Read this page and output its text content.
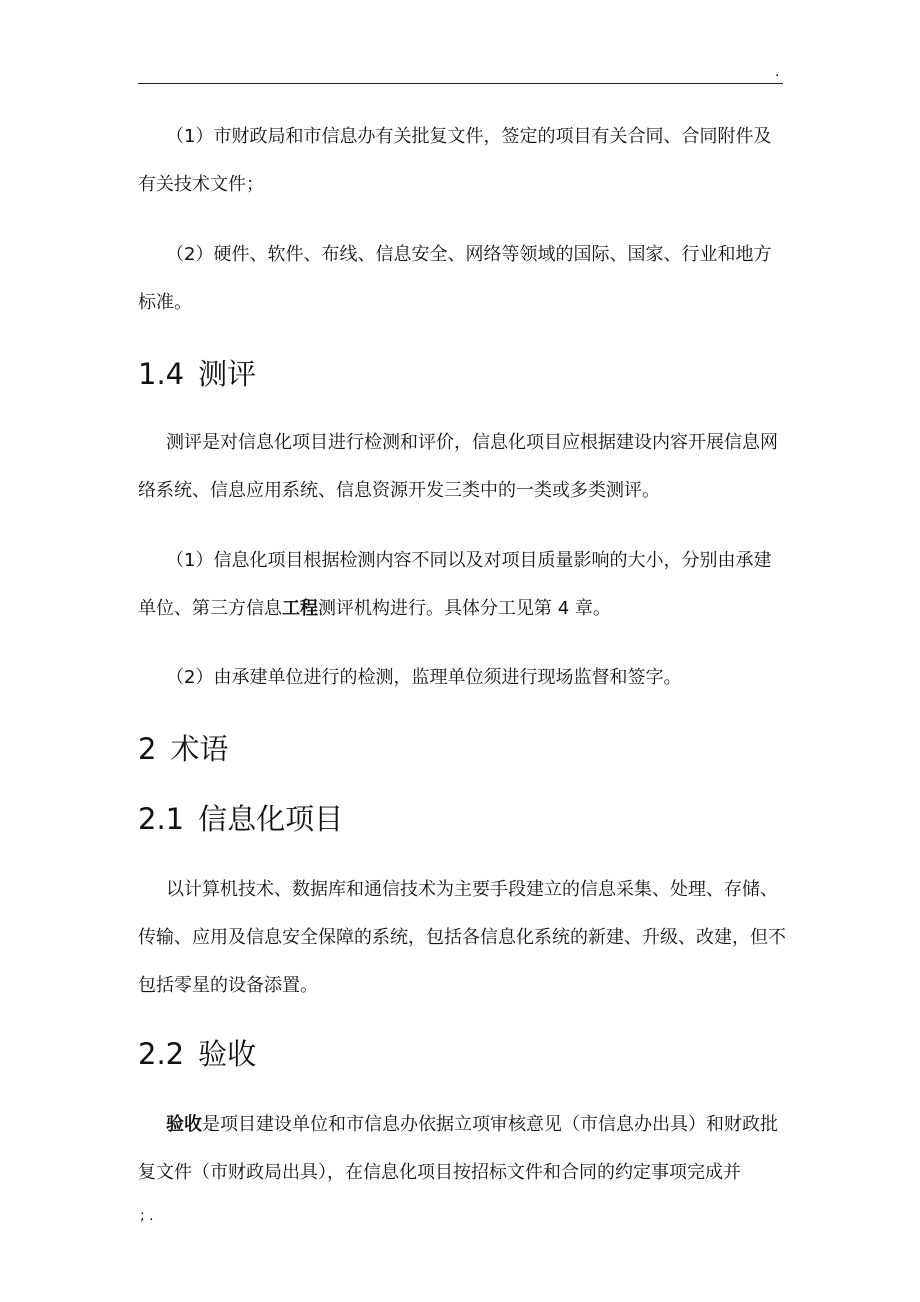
.

（1）市财政局和市信息办有关批复文件，签定的项目有关合同、合同附件及有关技术文件；

（2）硬件、软件、布线、信息安全、网络等领域的国际、国家、行业和地方标准。

1.4 测评

测评是对信息化项目进行检测和评价，信息化项目应根据建设内容开展信息网络系统、信息应用系统、信息资源开发三类中的一类或多类测评。

（1）信息化项目根据检测内容不同以及对项目质量影响的大小，分别由承建单位、第三方信息工程测评机构进行。具体分工见第 4 章。

（2）由承建单位进行的检测，监理单位须进行现场监督和签字。

2 术语
2.1 信息化项目

以计算机技术、数据库和通信技术为主要手段建立的信息采集、处理、存储、传输、应用及信息安全保障的系统，包括各信息化系统的新建、升级、改建，但不包括零星的设备添置。

2.2 验收

验收是项目建设单位和市信息办依据立项审核意见（市信息办出具）和财政批复文件（市财政局出具），在信息化项目按招标文件和合同的约定事项完成并

; .
